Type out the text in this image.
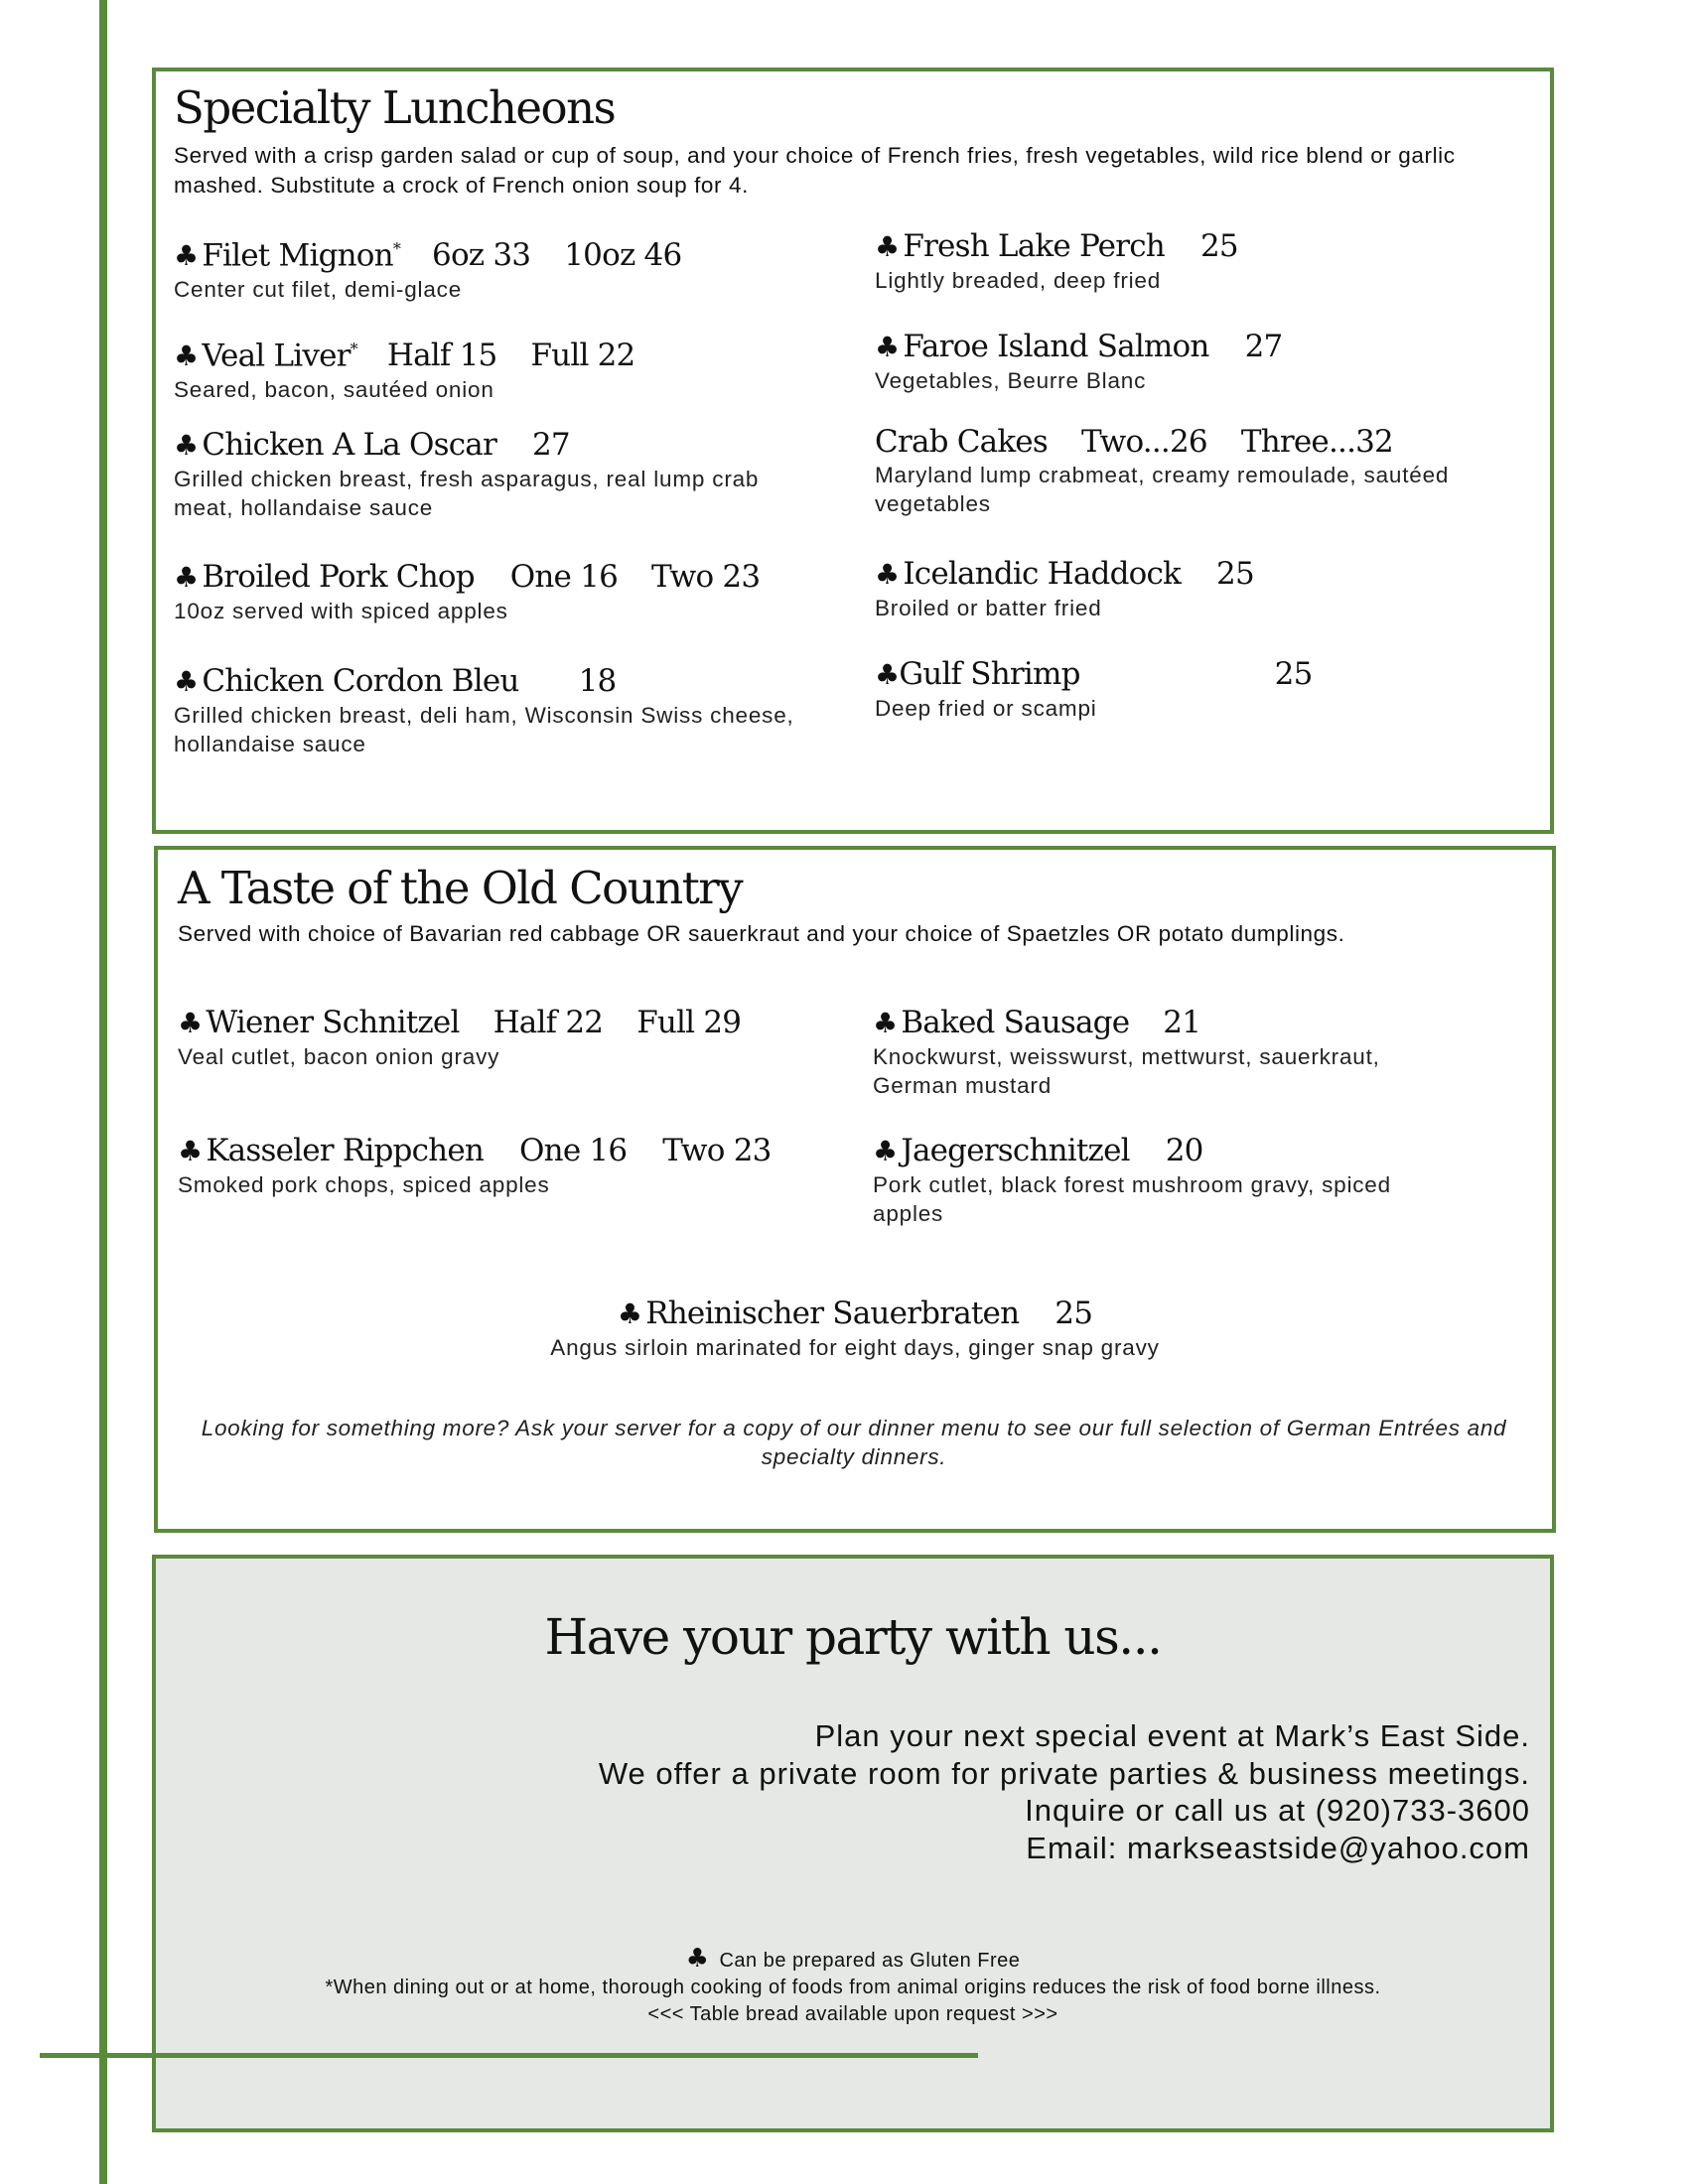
Specialty Luncheons

Served with a crisp garden salad or cup of soup, and your choice of French fries, fresh vegetables, wild rice blend or garlic mashed. Substitute a crock of French onion soup for 4.

♣ Filet Mignon* 6oz 33 10oz 46
Center cut filet, demi-glace
♣ Veal Liver* Half 15 Full 22
Seared, bacon, sautéed onion
♣ Chicken A La Oscar 27
Grilled chicken breast, fresh asparagus, real lump crab meat, hollandaise sauce
♣ Broiled Pork Chop One 16 Two 23
10oz served with spiced apples
♣ Chicken Cordon Bleu 18
Grilled chicken breast, deli ham, Wisconsin Swiss cheese, hollandaise sauce
♣ Fresh Lake Perch 25
Lightly breaded, deep fried
♣ Faroe Island Salmon 27
Vegetables, Beurre Blanc
Crab Cakes Two...26 Three...32
Maryland lump crabmeat, creamy remoulade, sautéed vegetables
♣ Icelandic Haddock 25
Broiled or batter fried
♣Gulf Shrimp	25
Deep fried or scampi
A Taste of the Old Country

Served with choice of Bavarian red cabbage OR sauerkraut and your choice of Spaetzles OR potato dumplings.

♣ Wiener Schnitzel Half 22 Full 29
Veal cutlet, bacon onion gravy
♣ Kasseler Rippchen One 16 Two 23
Smoked pork chops, spiced apples
♣ Baked Sausage 21
Knockwurst, weisswurst, mettwurst, sauerkraut, German mustard
♣ Jaegerschnitzel 20
Pork cutlet, black forest mushroom gravy, spiced apples
♣ Rheinischer Sauerbraten 25
Angus sirloin marinated for eight days, ginger snap gravy

Looking for something more? Ask your server for a copy of our dinner menu to see our full selection of German Entrées and specialty dinners.

Have your party with us...
Plan your next special event at Mark’s East Side.
We offer a private room for private parties & business meetings.
Inquire or call us at (920)733-3600
Email: markseastside@yahoo.com
♣ Can be prepared as Gluten Free
*When dining out or at home, thorough cooking of foods from animal origins reduces the risk of food borne illness.
<<< Table bread available upon request >>>
